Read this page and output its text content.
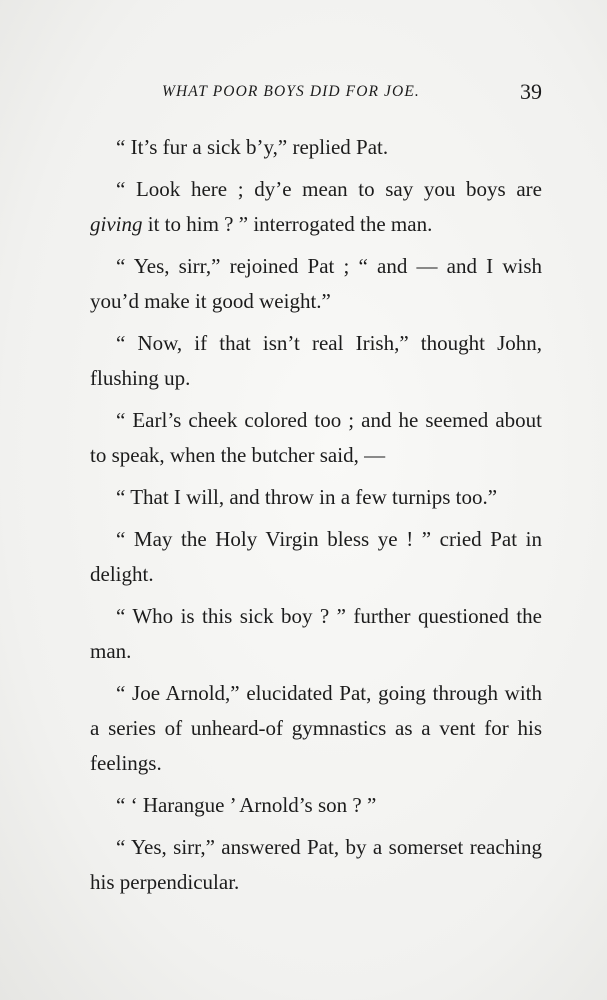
WHAT POOR BOYS DID FOR JOE.	39

“ It’s fur a sick b’y,” replied Pat.

“ Look here ; dy’e mean to say you boys are giving it to him ? ” interrogated the man.

“ Yes, sirr,” rejoined Pat ; “ and — and I wish you’d make it good weight.”

“ Now, if that isn’t real Irish,” thought John, flushing up.

“ Earl’s cheek colored too ; and he seemed about to speak, when the butcher said, —

“ That I will, and throw in a few turnips too.”

“ May the Holy Virgin bless ye ! ” cried Pat in delight.

“ Who is this sick boy ? ” further questioned the man.

“ Joe Arnold,” elucidated Pat, going through with a series of unheard-of gymnastics as a vent for his feelings.

“ ‘ Harangue ’ Arnold’s son ? ”

“ Yes, sirr,” answered Pat, by a somerset reaching his perpendicular.
